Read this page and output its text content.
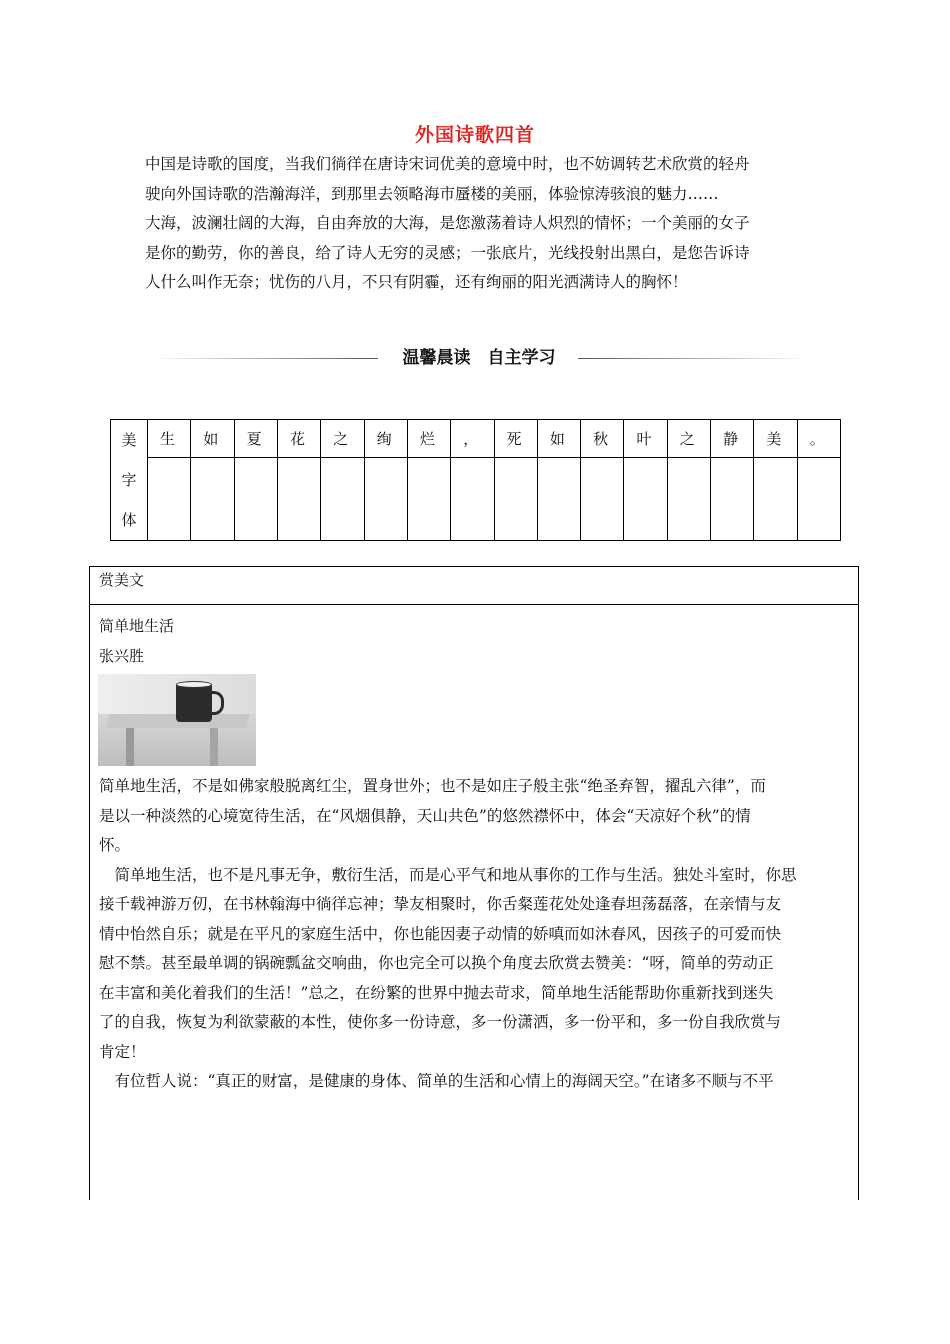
外国诗歌四首

中国是诗歌的国度，当我们徜徉在唐诗宋词优美的意境中时，也不妨调转艺术欣赏的轻舟

驶向外国诗歌的浩瀚海洋，到那里去领略海市蜃楼的美丽，体验惊涛骇浪的魅力……

大海，波澜壮阔的大海，自由奔放的大海，是您激荡着诗人炽烈的情怀；一个美丽的女子

是你的勤劳，你的善良，给了诗人无穷的灵感；一张底片，光线投射出黑白，是您告诉诗

人什么叫作无奈；忧伤的八月，不只有阴霾，还有绚丽的阳光洒满诗人的胸怀！

温馨晨读　自主学习
美
字
体	生	如	夏	花	之	绚	烂	，	死	如	秋	叶	之	静	美	。

赏美文
简单地生活
张兴胜

简单地生活，不是如佛家般脱离红尘，置身世外；也不是如庄子般主张“绝圣弃智，擢乱六律”，而

是以一种淡然的心境宽待生活，在“风烟俱静，天山共色”的悠然襟怀中，体会“天凉好个秋”的情

怀。

　简单地生活，也不是凡事无争，敷衍生活，而是心平气和地从事你的工作与生活。独处斗室时，你思

接千载神游万仞，在书林翰海中徜徉忘神；挚友相聚时，你舌粲莲花处处逢春坦荡磊落，在亲情与友

情中怡然自乐；就是在平凡的家庭生活中，你也能因妻子动情的娇嗔而如沐春风，因孩子的可爱而快

慰不禁。甚至最单调的锅碗瓢盆交响曲，你也完全可以换个角度去欣赏去赞美：“呀，简单的劳动正

在丰富和美化着我们的生活！”总之，在纷繁的世界中抛去苛求，简单地生活能帮助你重新找到迷失

了的自我，恢复为利欲蒙蔽的本性，使你多一份诗意，多一份潇洒，多一份平和，多一份自我欣赏与

肯定！

　有位哲人说：“真正的财富，是健康的身体、简单的生活和心情上的海阔天空。”在诸多不顺与不平
